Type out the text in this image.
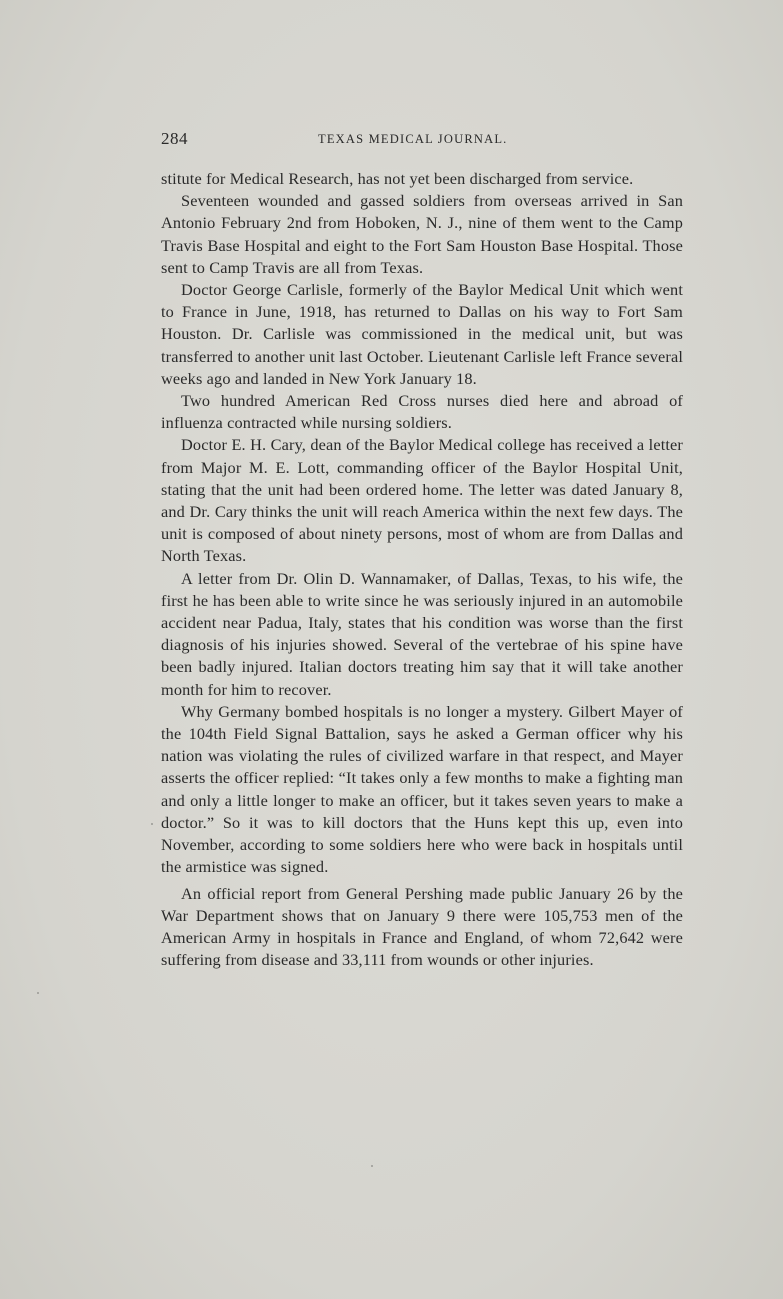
284	TEXAS MEDICAL JOURNAL.

stitute for Medical Research, has not yet been discharged from service.

Seventeen wounded and gassed soldiers from overseas arrived in San Antonio February 2nd from Hoboken, N. J., nine of them went to the Camp Travis Base Hospital and eight to the Fort Sam Houston Base Hospital. Those sent to Camp Travis are all from Texas.

Doctor George Carlisle, formerly of the Baylor Medical Unit which went to France in June, 1918, has returned to Dallas on his way to Fort Sam Houston. Dr. Carlisle was commissioned in the medical unit, but was transferred to another unit last October. Lieutenant Carlisle left France several weeks ago and landed in New York January 18.

Two hundred American Red Cross nurses died here and abroad of influenza contracted while nursing soldiers.

Doctor E. H. Cary, dean of the Baylor Medical college has received a letter from Major M. E. Lott, commanding officer of the Baylor Hospital Unit, stating that the unit had been ordered home. The letter was dated January 8, and Dr. Cary thinks the unit will reach America within the next few days. The unit is composed of about ninety persons, most of whom are from Dallas and North Texas.

A letter from Dr. Olin D. Wannamaker, of Dallas, Texas, to his wife, the first he has been able to write since he was seriously injured in an automobile accident near Padua, Italy, states that his condition was worse than the first diagnosis of his injuries showed. Several of the vertebrae of his spine have been badly injured. Italian doctors treating him say that it will take another month for him to recover.

Why Germany bombed hospitals is no longer a mystery. Gilbert Mayer of the 104th Field Signal Battalion, says he asked a German officer why his nation was violating the rules of civilized warfare in that respect, and Mayer asserts the officer replied: “It takes only a few months to make a fighting man and only a little longer to make an officer, but it takes seven years to make a doctor.” So it was to kill doctors that the Huns kept this up, even into November, according to some soldiers here who were back in hospitals until the armistice was signed.

An official report from General Pershing made public January 26 by the War Department shows that on January 9 there were 105,753 men of the American Army in hospitals in France and England, of whom 72,642 were suffering from disease and 33,111 from wounds or other injuries.
